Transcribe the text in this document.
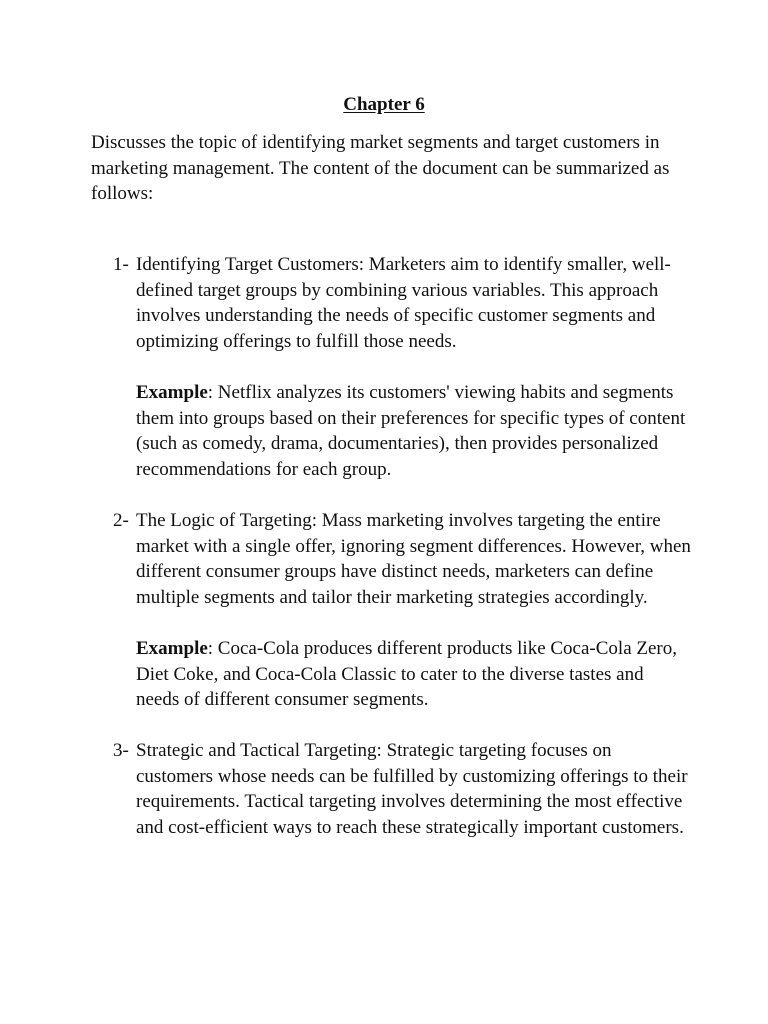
Chapter 6

Discusses the topic of identifying market segments and target customers in marketing management. The content of the document can be summarized as follows:

1- Identifying Target Customers: Marketers aim to identify smaller, well-defined target groups by combining various variables. This approach involves understanding the needs of specific customer segments and optimizing offerings to fulfill those needs.

Example: Netflix analyzes its customers' viewing habits and segments them into groups based on their preferences for specific types of content (such as comedy, drama, documentaries), then provides personalized recommendations for each group.

2- The Logic of Targeting: Mass marketing involves targeting the entire market with a single offer, ignoring segment differences. However, when different consumer groups have distinct needs, marketers can define multiple segments and tailor their marketing strategies accordingly.

Example: Coca-Cola produces different products like Coca-Cola Zero, Diet Coke, and Coca-Cola Classic to cater to the diverse tastes and needs of different consumer segments.

3- Strategic and Tactical Targeting: Strategic targeting focuses on customers whose needs can be fulfilled by customizing offerings to their requirements. Tactical targeting involves determining the most effective and cost-efficient ways to reach these strategically important customers.
